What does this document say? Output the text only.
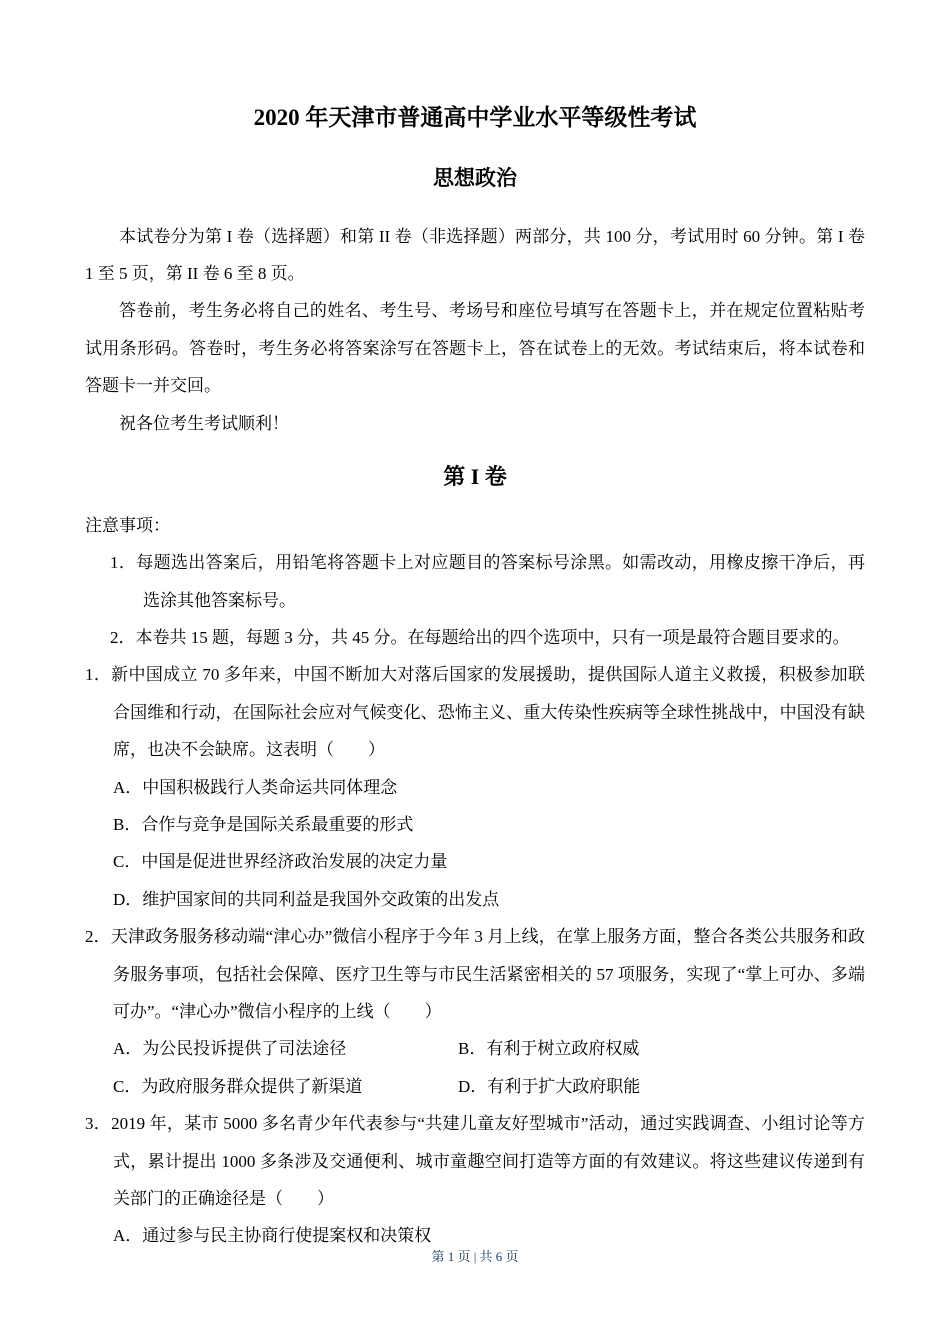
2020 年天津市普通高中学业水平等级性考试
思想政治

本试卷分为第 I 卷（选择题）和第 II 卷（非选择题）两部分，共 100 分，考试用时 60 分钟。第 I 卷 1 至 5 页，第 II 卷 6 至 8 页。

答卷前，考生务必将自己的姓名、考生号、考场号和座位号填写在答题卡上，并在规定位置粘贴考试用条形码。答卷时，考生务必将答案涂写在答题卡上，答在试卷上的无效。考试结束后，将本试卷和答题卡一并交回。

祝各位考生考试顺利！

第 I 卷
注意事项：
1．每题选出答案后，用铅笔将答题卡上对应题目的答案标号涂黑。如需改动，用橡皮擦干净后，再选涂其他答案标号。
2．本卷共 15 题，每题 3 分，共 45 分。在每题给出的四个选项中，只有一项是最符合题目要求的。
1．新中国成立 70 多年来，中国不断加大对落后国家的发展援助，提供国际人道主义救援，积极参加联合国维和行动，在国际社会应对气候变化、恐怖主义、重大传染性疾病等全球性挑战中，中国没有缺席，也决不会缺席。这表明（　　）
A．中国积极践行人类命运共同体理念
B．合作与竞争是国际关系最重要的形式
C．中国是促进世界经济政治发展的决定力量
D．维护国家间的共同利益是我国外交政策的出发点
2．天津政务服务移动端“津心办”微信小程序于今年 3 月上线，在掌上服务方面，整合各类公共服务和政务服务事项，包括社会保障、医疗卫生等与市民生活紧密相关的 57 项服务，实现了“掌上可办、多端可办”。“津心办”微信小程序的上线（　　）
A．为公民投诉提供了司法途径	B．有利于树立政府权威
C．为政府服务群众提供了新渠道	D．有利于扩大政府职能
3．2019 年，某市 5000 多名青少年代表参与“共建儿童友好型城市”活动，通过实践调查、小组讨论等方式，累计提出 1000 多条涉及交通便利、城市童趣空间打造等方面的有效建议。将这些建议传递到有关部门的正确途径是（　　）
A．通过参与民主协商行使提案权和决策权
第 1 页 | 共 6 页
